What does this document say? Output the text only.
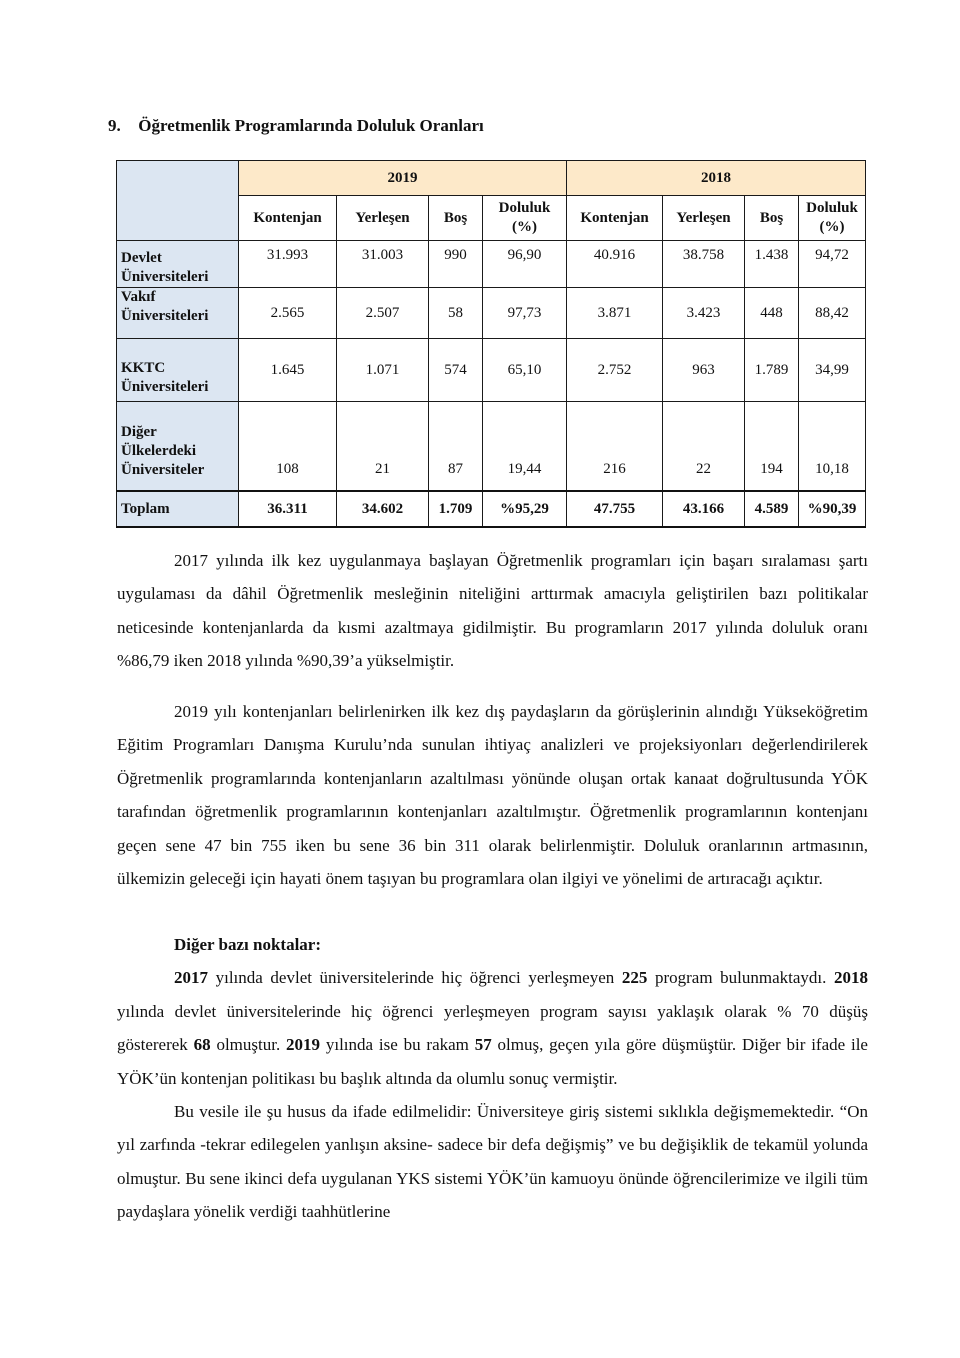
9. Öğretmenlik Programlarında Doluluk Oranları
	2019				2018			
	Kontenjan	Yerleşen	Boş	Doluluk (%)	Kontenjan	Yerleşen	Boş	Doluluk (%)
Devlet Üniversiteleri	31.993	31.003	990	96,90	40.916	38.758	1.438	94,72
Vakıf Üniversiteleri	2.565	2.507	58	97,73	3.871	3.423	448	88,42
KKTC Üniversiteleri	1.645	1.071	574	65,10	2.752	963	1.789	34,99
Diğer Ülkelerdeki Üniversiteler	108	21	87	19,44	216	22	194	10,18
Toplam	36.311	34.602	1.709	%95,29	47.755	43.166	4.589	%90,39

2017 yılında ilk kez uygulanmaya başlayan Öğretmenlik programları için başarı sıralaması şartı uygulaması da dâhil Öğretmenlik mesleğinin niteliğini arttırmak amacıyla geliştirilen bazı politikalar neticesinde kontenjanlarda da kısmi azaltmaya gidilmiştir. Bu programların 2017 yılında doluluk oranı %86,79 iken 2018 yılında %90,39’a yükselmiştir.

2019 yılı kontenjanları belirlenirken ilk kez dış paydaşların da görüşlerinin alındığı Yükseköğretim Eğitim Programları Danışma Kurulu’nda sunulan ihtiyaç analizleri ve projeksiyonları değerlendirilerek Öğretmenlik programlarında kontenjanların azaltılması yönünde oluşan ortak kanaat doğrultusunda YÖK tarafından öğretmenlik programlarının kontenjanları azaltılmıştır. Öğretmenlik programlarının kontenjanı geçen sene 47 bin 755 iken bu sene 36 bin 311 olarak belirlenmiştir. Doluluk oranlarının artmasının, ülkemizin geleceği için hayati önem taşıyan bu programlara olan ilgiyi ve yönelimi de artıracağı açıktır.

Diğer bazı noktalar:

2017 yılında devlet üniversitelerinde hiç öğrenci yerleşmeyen 225 program bulunmaktaydı. 2018 yılında devlet üniversitelerinde hiç öğrenci yerleşmeyen program sayısı yaklaşık olarak % 70 düşüş göstererek 68 olmuştur. 2019 yılında ise bu rakam 57 olmuş, geçen yıla göre düşmüştür. Diğer bir ifade ile YÖK’ün kontenjan politikası bu başlık altında da olumlu sonuç vermiştir.

Bu vesile ile şu husus da ifade edilmelidir: Üniversiteye giriş sistemi sıklıkla değişmemektedir. “On yıl zarfında -tekrar edilegelen yanlışın aksine- sadece bir defa değişmiş” ve bu değişiklik de tekamül yolunda olmuştur. Bu sene ikinci defa uygulanan YKS sistemi YÖK’ün kamuoyu önünde öğrencilerimize ve ilgili tüm paydaşlara yönelik verdiği taahhütlerine
